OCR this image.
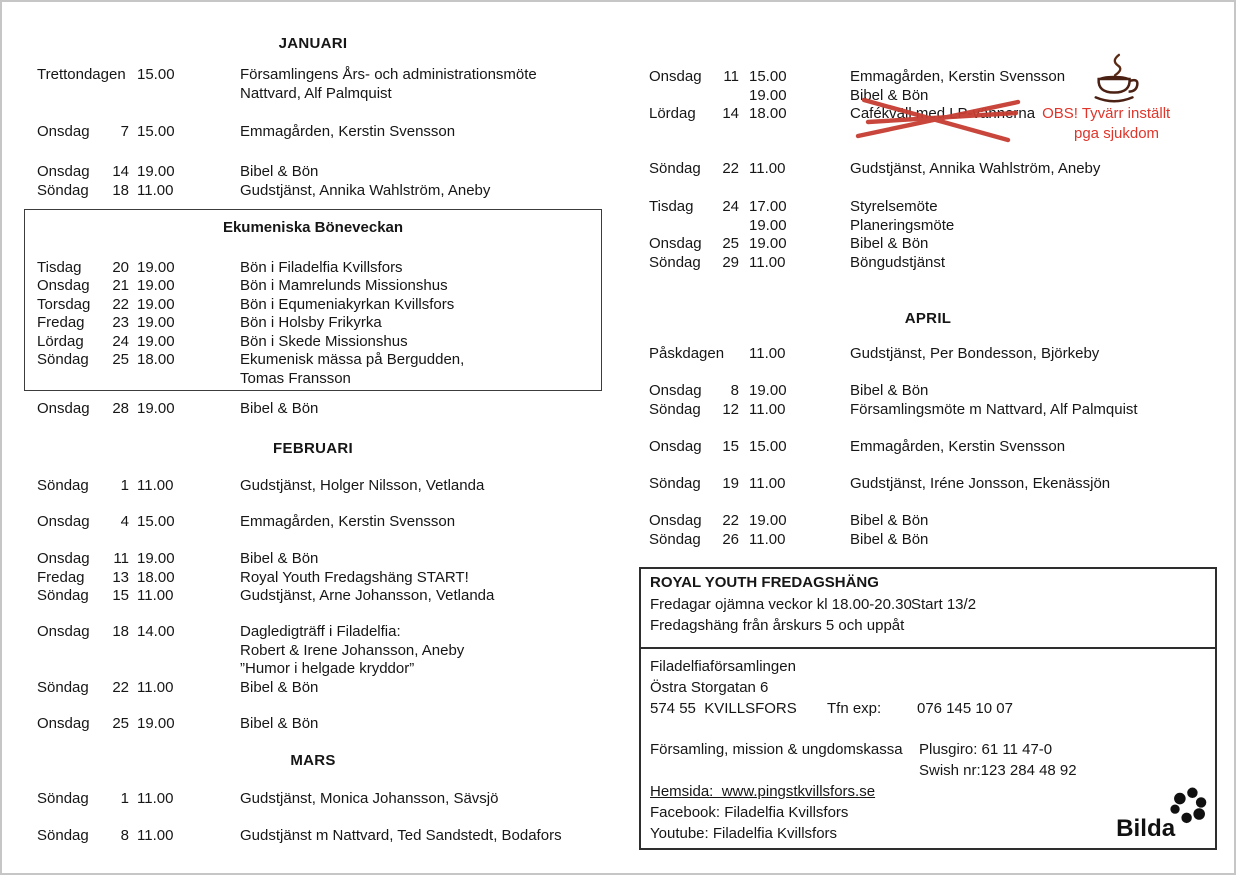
JANUARI
Trettondagen 15.00	Församlingens Års- och administrationsmöte
Nattvard, Alf Palmquist
Onsdag	7 15.00	Emmagården, Kerstin Svensson
Onsdag	14 19.00	Bibel & Bön
Söndag	18 11.00	Gudstjänst, Annika Wahlström, Aneby
Ekumeniska Böneveckan
Tisdag	20 19.00	Bön i Filadelfia Kvillsfors
Onsdag	21 19.00	Bön i Mamrelunds Missionshus
Torsdag	22 19.00	Bön i Equmeniakyrkan Kvillsfors
Fredag	23 19.00	Bön i Holsby Frikyrka
Lördag	24 19.00	Bön i Skede Missionshus
Söndag	25 18.00	Ekumenisk mässa på Bergudden,
Tomas Fransson
Onsdag	28 19.00	Bibel & Bön
FEBRUARI
Söndag	1 11.00	Gudstjänst, Holger Nilsson, Vetlanda
Onsdag	4 15.00	Emmagården, Kerstin Svensson
Onsdag	11 19.00	Bibel & Bön
Fredag	13 18.00	Royal Youth Fredagshäng START!
Söndag	15 11.00	Gudstjänst, Arne Johansson, Vetlanda
Onsdag	18 14.00	Dagledigträff i Filadelfia:
Robert & Irene Johansson, Aneby
”Humor i helgade kryddor”
Söndag	22 11.00	Bibel & Bön
Onsdag	25 19.00	Bibel & Bön
MARS
Söndag	1 11.00	Gudstjänst, Monica Johansson, Sävsjö
Söndag	8 11.00	Gudstjänst m Nattvard, Ted Sandstedt, Bodafors
Onsdag	11 15.00	Emmagården, Kerstin Svensson
19.00	Bibel & Bön
Lördag	14 18.00	Cafékväll med LP-vännerna OBS! Tyvärr inställt
pga sjukdom
Söndag	22 11.00	Gudstjänst, Annika Wahlström, Aneby
Tisdag	24 17.00	Styrelsemöte
19.00	Planeringsmöte
Onsdag	25 19.00	Bibel & Bön
Söndag	29 11.00	Böngudstjänst
APRIL
Påskdagen 11.00	Gudstjänst, Per Bondesson, Björkeby
Onsdag	8 19.00	Bibel & Bön
Söndag	12 11.00	Församlingsmöte m Nattvard, Alf Palmquist
Onsdag	15 15.00	Emmagården, Kerstin Svensson
Söndag	19 11.00	Gudstjänst, Iréne Jonsson, Ekenässjön
Onsdag	22 19.00	Bibel & Bön
Söndag	26 11.00	Bibel & Bön
ROYAL YOUTH FREDAGSHÄNG
Fredagar ojämna veckor kl 18.00-20.30 Start 13/2
Fredagshäng från årskurs 5 och uppåt
Filadelfiaförsamlingen
Östra Storgatan 6
574 55  KVILLSFORS Tfn exp: 076 145 10 07
Församling, mission & ungdomskassa Plusgiro: 61 11 47-0
Swish nr:123 284 48 92
Hemsida:  www.pingstkvillsfors.se
Facebook: Filadelfia Kvillsfors
Youtube: Filadelfia Kvillsfors	Bilda
